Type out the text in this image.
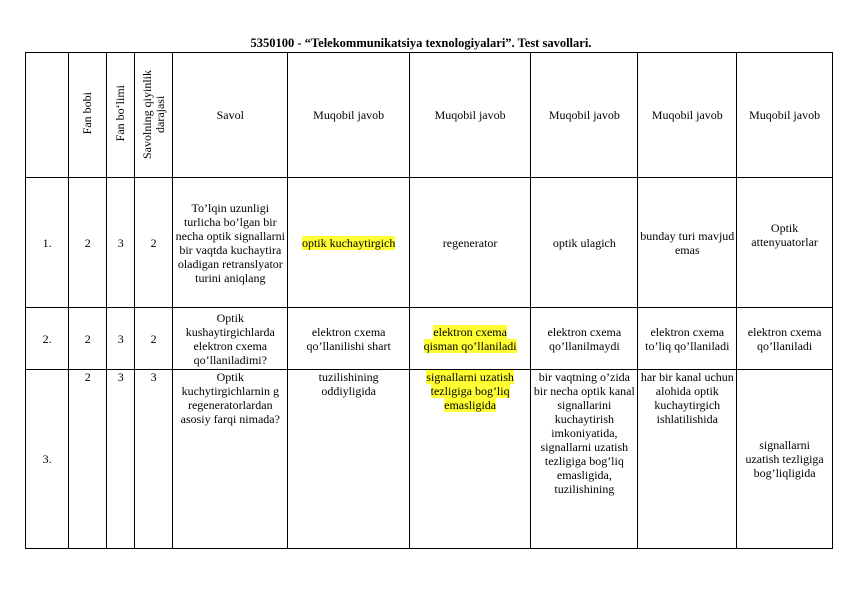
5350100 - “Telekommunikatsiya texnologiyalari”. Test savollari.
	Fan bobi	Fan bo‘limi	Savolning qiyinlik darajasi	Savol	Muqobil javob	Muqobil javob	Muqobil javob	Muqobil javob	Muqobil javob
1.	2	3	2	To’lqin uzunligi turlicha bo’lgan bir necha optik signallarni bir vaqtda kuchaytira oladigan retranslyator turini aniqlang	optik kuchaytirgich	regenerator	optik ulagich	bunday turi mavjud emas	Optik attenyuatorlar
2.	2	3	2	Optik kushaytirgichlarda elektron cxema qo’llaniladimi?	elektron cxema qo’llanilishi shart	elektron cxema qisman qo’llaniladi	elektron cxema qo’llanilmaydi	elektron cxema to’liq qo’llaniladi	elektron cxema qo’llaniladi
3.	2	3	3	Optik kuchytirgichlarnin g regeneratorlardan asosiy farqi nimada?	tuzilishining oddiyligida	signallarni uzatish tezligiga bog’liq emasligida	bir vaqtning o’zida bir necha optik kanal signallarini kuchaytirish imkoniyatida, signallarni uzatish tezligiga bog’liq emasligida, tuzilishining	har bir kanal uchun alohida optik kuchaytirgich ishlatilishida	signallarni uzatish tezligiga bog’liqligida
